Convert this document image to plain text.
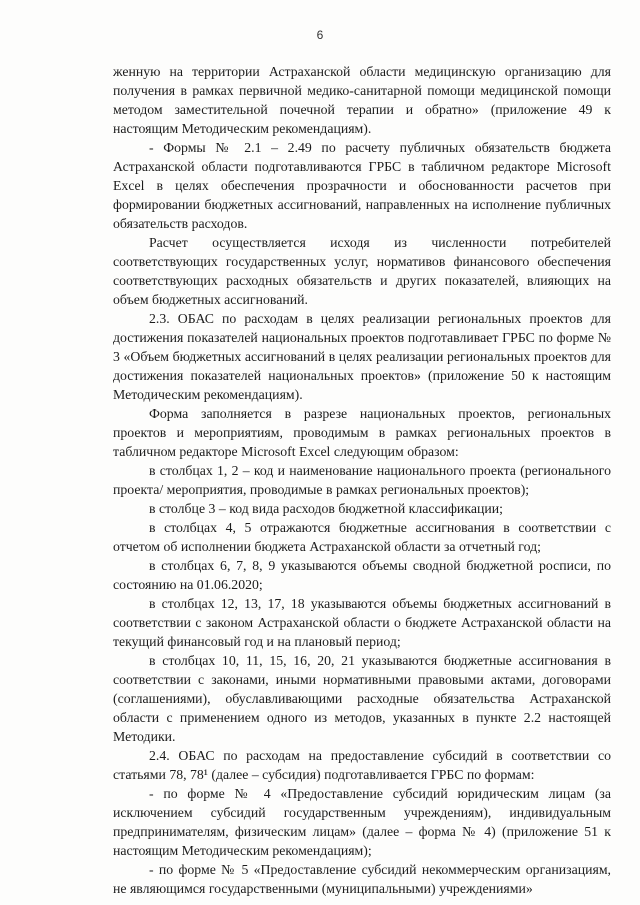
6

женную на территории Астраханской области медицинскую организацию для получения в рамках первичной медико-санитарной помощи медицинской помощи методом заместительной почечной терапии и обратно» (приложение 49 к настоящим Методическим рекомендациям).

- Формы № 2.1 – 2.49 по расчету публичных обязательств бюджета Астраханской области подготавливаются ГРБС в табличном редакторе Microsoft Excel в целях обеспечения прозрачности и обоснованности расчетов при формировании бюджетных ассигнований, направленных на исполнение публичных обязательств расходов.

Расчет осуществляется исходя из численности потребителей соответствующих государственных услуг, нормативов финансового обеспечения соответствующих расходных обязательств и других показателей, влияющих на объем бюджетных ассигнований.

2.3. ОБАС по расходам в целях реализации региональных проектов для достижения показателей национальных проектов подготавливает ГРБС по форме № 3 «Объем бюджетных ассигнований в целях реализации региональных проектов для достижения показателей национальных проектов» (приложение 50 к настоящим Методическим рекомендациям).

Форма заполняется в разрезе национальных проектов, региональных проектов и мероприятиям, проводимым в рамках региональных проектов в табличном редакторе Microsoft Excel следующим образом:

в столбцах 1, 2 – код и наименование национального проекта (регионального проекта/ мероприятия, проводимые в рамках региональных проектов);

в столбце 3 – код вида расходов бюджетной классификации;

в столбцах 4, 5 отражаются бюджетные ассигнования в соответствии с отчетом об исполнении бюджета Астраханской области за отчетный год;

в столбцах 6, 7, 8, 9 указываются объемы сводной бюджетной росписи, по состоянию на 01.06.2020;

в столбцах 12, 13, 17, 18 указываются объемы бюджетных ассигнований в соответствии с законом Астраханской области о бюджете Астраханской области на текущий финансовый год и на плановый период;

в столбцах 10, 11, 15, 16, 20, 21 указываются бюджетные ассигнования в соответствии с законами, иными нормативными правовыми актами, договорами (соглашениями), обуславливающими расходные обязательства Астраханской области с применением одного из методов, указанных в пункте 2.2 настоящей Методики.

2.4. ОБАС по расходам на предоставление субсидий в соответствии со статьями 78, 78¹ (далее – субсидия) подготавливается ГРБС по формам:

- по форме № 4 «Предоставление субсидий юридическим лицам (за исключением субсидий государственным учреждениям), индивидуальным предпринимателям, физическим лицам» (далее – форма № 4) (приложение 51 к настоящим Методическим рекомендациям);

- по форме № 5 «Предоставление субсидий некоммерческим организациям, не являющимся государственными (муниципальными) учреждениями»
